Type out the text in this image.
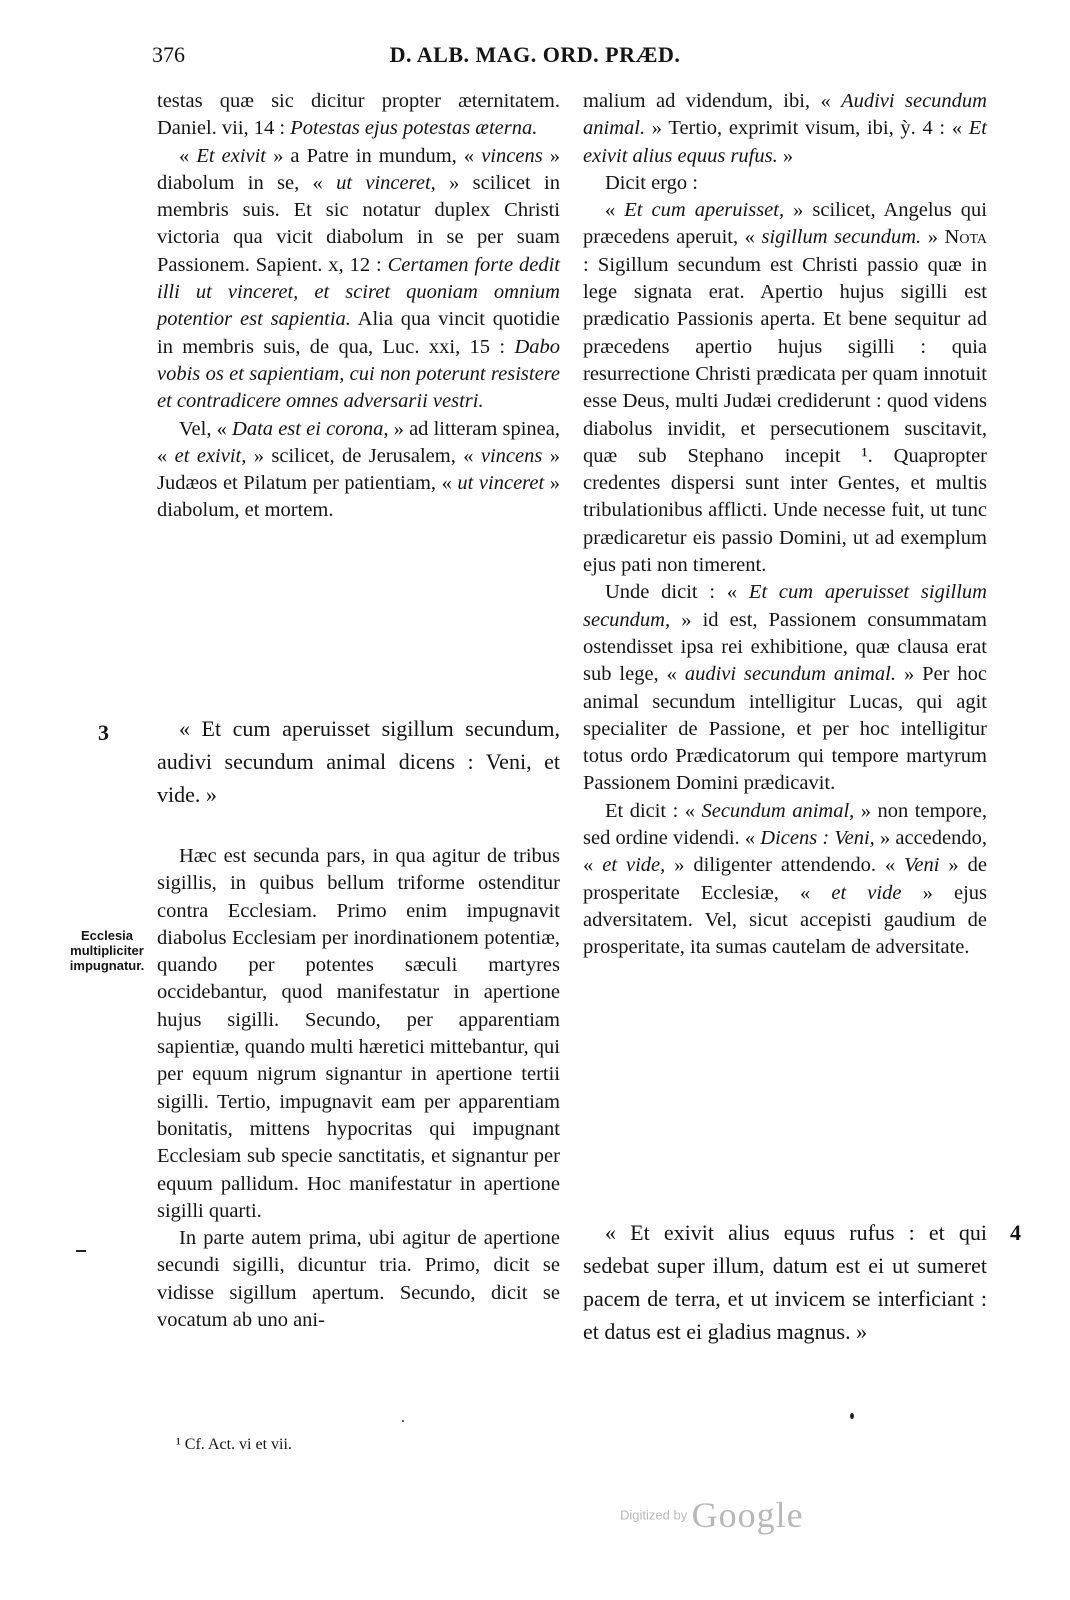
376	D. ALB. MAG. ORD. PRÆD.

testas quæ sic dicitur propter æternitatem. Daniel. vii, 14 : Potestas ejus potestas æterna.

« Et exivit » a Patre in mundum, « vincens » diabolum in se, « ut vinceret, » scilicet in membris suis. Et sic notatur duplex Christi victoria qua vicit diabolum in se per suam Passionem. Sapient. x, 12 : Certamen forte dedit illi ut vinceret, et sciret quoniam omnium potentior est sapientia. Alia qua vincit quotidie in membris suis, de qua, Luc. xxi, 15 : Dabo vobis os et sapientiam, cui non poterunt resistere et contradicere omnes adversarii vestri.

Vel, « Data est ei corona, » ad litteram spinea, « et exivit, » scilicet, de Jerusalem, « vincens » Judæos et Pilatum per patientiam, « ut vinceret » diabolum, et mortem.

3	« Et cum aperuisset sigillum secundum, audivi secundum animal dicens : Veni, et vide. »

Ecclesia multipliciter impugnatur.

Hæc est secunda pars, in qua agitur de tribus sigillis, in quibus bellum triforme ostenditur contra Ecclesiam. Primo enim impugnavit diabolus Ecclesiam per inordinationem potentiæ, quando per potentes sæculi martyres occidebantur, quod manifestatur in apertione hujus sigilli. Secundo, per apparentiam sapientiæ, quando multi hæretici mittebantur, qui per equum nigrum signantur in apertione tertii sigilli. Tertio, impugnavit eam per apparentiam bonitatis, mittens hypocritas qui impugnant Ecclesiam sub specie sanctitatis, et signantur per equum pallidum. Hoc manifestatur in apertione sigilli quarti.

In parte autem prima, ubi agitur de apertione secundi sigilli, dicuntur tria. Primo, dicit se vidisse sigillum apertum. Secundo, dicit se vocatum ab uno ani-

malium ad videndum, ibi, « Audivi secundum animal. » Tertio, exprimit visum, ibi, ỳ. 4 : « Et exivit alius equus rufus. »

Dicit ergo :

« Et cum aperuisset, » scilicet, Angelus qui præcedens aperuit, « sigillum secundum. » Nota : Sigillum secundum est Christi passio quæ in lege signata erat. Apertio hujus sigilli est prædicatio Passionis aperta. Et bene sequitur ad præcedens apertio hujus sigilli : quia resurrectione Christi prædicata per quam innotuit esse Deus, multi Judæi crediderunt : quod videns diabolus invidit, et persecutionem suscitavit, quæ sub Stephano incepit ¹. Quapropter credentes dispersi sunt inter Gentes, et multis tribulationibus afflicti. Unde necesse fuit, ut tunc prædicaretur eis passio Domini, ut ad exemplum ejus pati non timerent.

Unde dicit : « Et cum aperuisset sigillum secundum, » id est, Passionem consummatam ostendisset ipsa rei exhibitione, quæ clausa erat sub lege, « audivi secundum animal. » Per hoc animal secundum intelligitur Lucas, qui agit specialiter de Passione, et per hoc intelligitur totus ordo Prædicatorum qui tempore martyrum Passionem Domini prædicavit.

Et dicit : « Secundum animal, » non tempore, sed ordine videndi. « Dicens : Veni, » accedendo, « et vide, » diligenter attendendo. « Veni » de prosperitate Ecclesiæ, « et vide » ejus adversitatem. Vel, sicut accepisti gaudium de prosperitate, ita sumas cautelam de adversitate.

4

« Et exivit alius equus rufus : et qui sedebat super illum, datum est ei ut sumeret pacem de terra, et ut invicem se interficiant : et datus est ei gladius magnus. »

¹ Cf. Act. vi et vii.
Digitized by Google
